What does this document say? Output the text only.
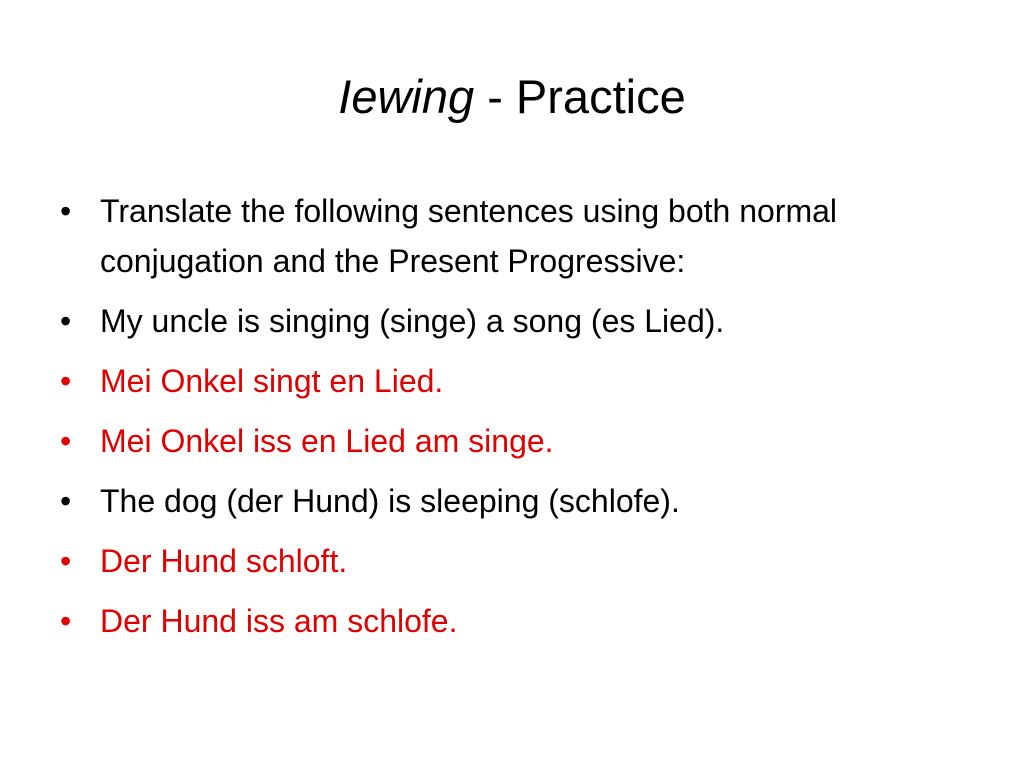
Iewing - Practice
• Translate the following sentences using both normal conjugation and the Present Progressive:
• My uncle is singing (singe) a song (es Lied).
• Mei Onkel singt en Lied.
• Mei Onkel iss en Lied am singe.
• The dog (der Hund) is sleeping (schlofe).
• Der Hund schloft.
• Der Hund iss am schlofe.
